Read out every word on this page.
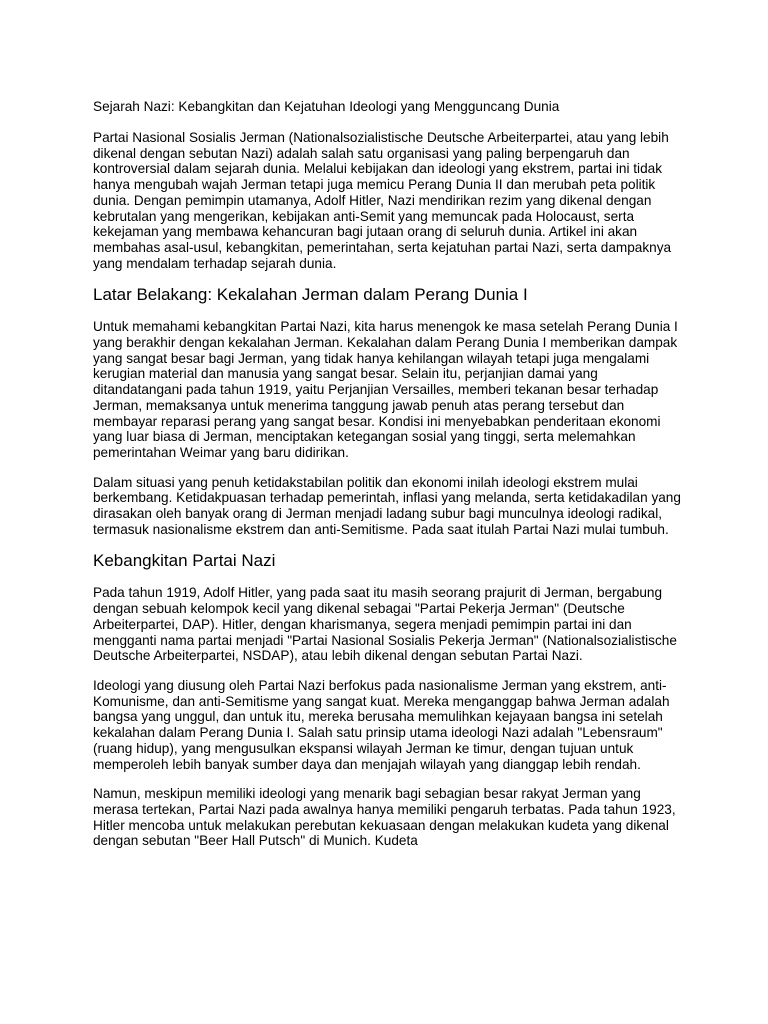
Sejarah Nazi: Kebangkitan dan Kejatuhan Ideologi yang Mengguncang Dunia

Partai Nasional Sosialis Jerman (Nationalsozialistische Deutsche Arbeiterpartei, atau yang lebih dikenal dengan sebutan Nazi) adalah salah satu organisasi yang paling berpengaruh dan kontroversial dalam sejarah dunia. Melalui kebijakan dan ideologi yang ekstrem, partai ini tidak hanya mengubah wajah Jerman tetapi juga memicu Perang Dunia II dan merubah peta politik dunia. Dengan pemimpin utamanya, Adolf Hitler, Nazi mendirikan rezim yang dikenal dengan kebrutalan yang mengerikan, kebijakan anti-Semit yang memuncak pada Holocaust, serta kekejaman yang membawa kehancuran bagi jutaan orang di seluruh dunia. Artikel ini akan membahas asal-usul, kebangkitan, pemerintahan, serta kejatuhan partai Nazi, serta dampaknya yang mendalam terhadap sejarah dunia.

Latar Belakang: Kekalahan Jerman dalam Perang Dunia I

Untuk memahami kebangkitan Partai Nazi, kita harus menengok ke masa setelah Perang Dunia I yang berakhir dengan kekalahan Jerman. Kekalahan dalam Perang Dunia I memberikan dampak yang sangat besar bagi Jerman, yang tidak hanya kehilangan wilayah tetapi juga mengalami kerugian material dan manusia yang sangat besar. Selain itu, perjanjian damai yang ditandatangani pada tahun 1919, yaitu Perjanjian Versailles, memberi tekanan besar terhadap Jerman, memaksanya untuk menerima tanggung jawab penuh atas perang tersebut dan membayar reparasi perang yang sangat besar. Kondisi ini menyebabkan penderitaan ekonomi yang luar biasa di Jerman, menciptakan ketegangan sosial yang tinggi, serta melemahkan pemerintahan Weimar yang baru didirikan.

Dalam situasi yang penuh ketidakstabilan politik dan ekonomi inilah ideologi ekstrem mulai berkembang. Ketidakpuasan terhadap pemerintah, inflasi yang melanda, serta ketidakadilan yang dirasakan oleh banyak orang di Jerman menjadi ladang subur bagi munculnya ideologi radikal, termasuk nasionalisme ekstrem dan anti-Semitisme. Pada saat itulah Partai Nazi mulai tumbuh.

Kebangkitan Partai Nazi

Pada tahun 1919, Adolf Hitler, yang pada saat itu masih seorang prajurit di Jerman, bergabung dengan sebuah kelompok kecil yang dikenal sebagai "Partai Pekerja Jerman" (Deutsche Arbeiterpartei, DAP). Hitler, dengan kharismanya, segera menjadi pemimpin partai ini dan mengganti nama partai menjadi "Partai Nasional Sosialis Pekerja Jerman" (Nationalsozialistische Deutsche Arbeiterpartei, NSDAP), atau lebih dikenal dengan sebutan Partai Nazi.

Ideologi yang diusung oleh Partai Nazi berfokus pada nasionalisme Jerman yang ekstrem, anti-Komunisme, dan anti-Semitisme yang sangat kuat. Mereka menganggap bahwa Jerman adalah bangsa yang unggul, dan untuk itu, mereka berusaha memulihkan kejayaan bangsa ini setelah kekalahan dalam Perang Dunia I. Salah satu prinsip utama ideologi Nazi adalah "Lebensraum" (ruang hidup), yang mengusulkan ekspansi wilayah Jerman ke timur, dengan tujuan untuk memperoleh lebih banyak sumber daya dan menjajah wilayah yang dianggap lebih rendah.

Namun, meskipun memiliki ideologi yang menarik bagi sebagian besar rakyat Jerman yang merasa tertekan, Partai Nazi pada awalnya hanya memiliki pengaruh terbatas. Pada tahun 1923, Hitler mencoba untuk melakukan perebutan kekuasaan dengan melakukan kudeta yang dikenal dengan sebutan "Beer Hall Putsch" di Munich. Kudeta
